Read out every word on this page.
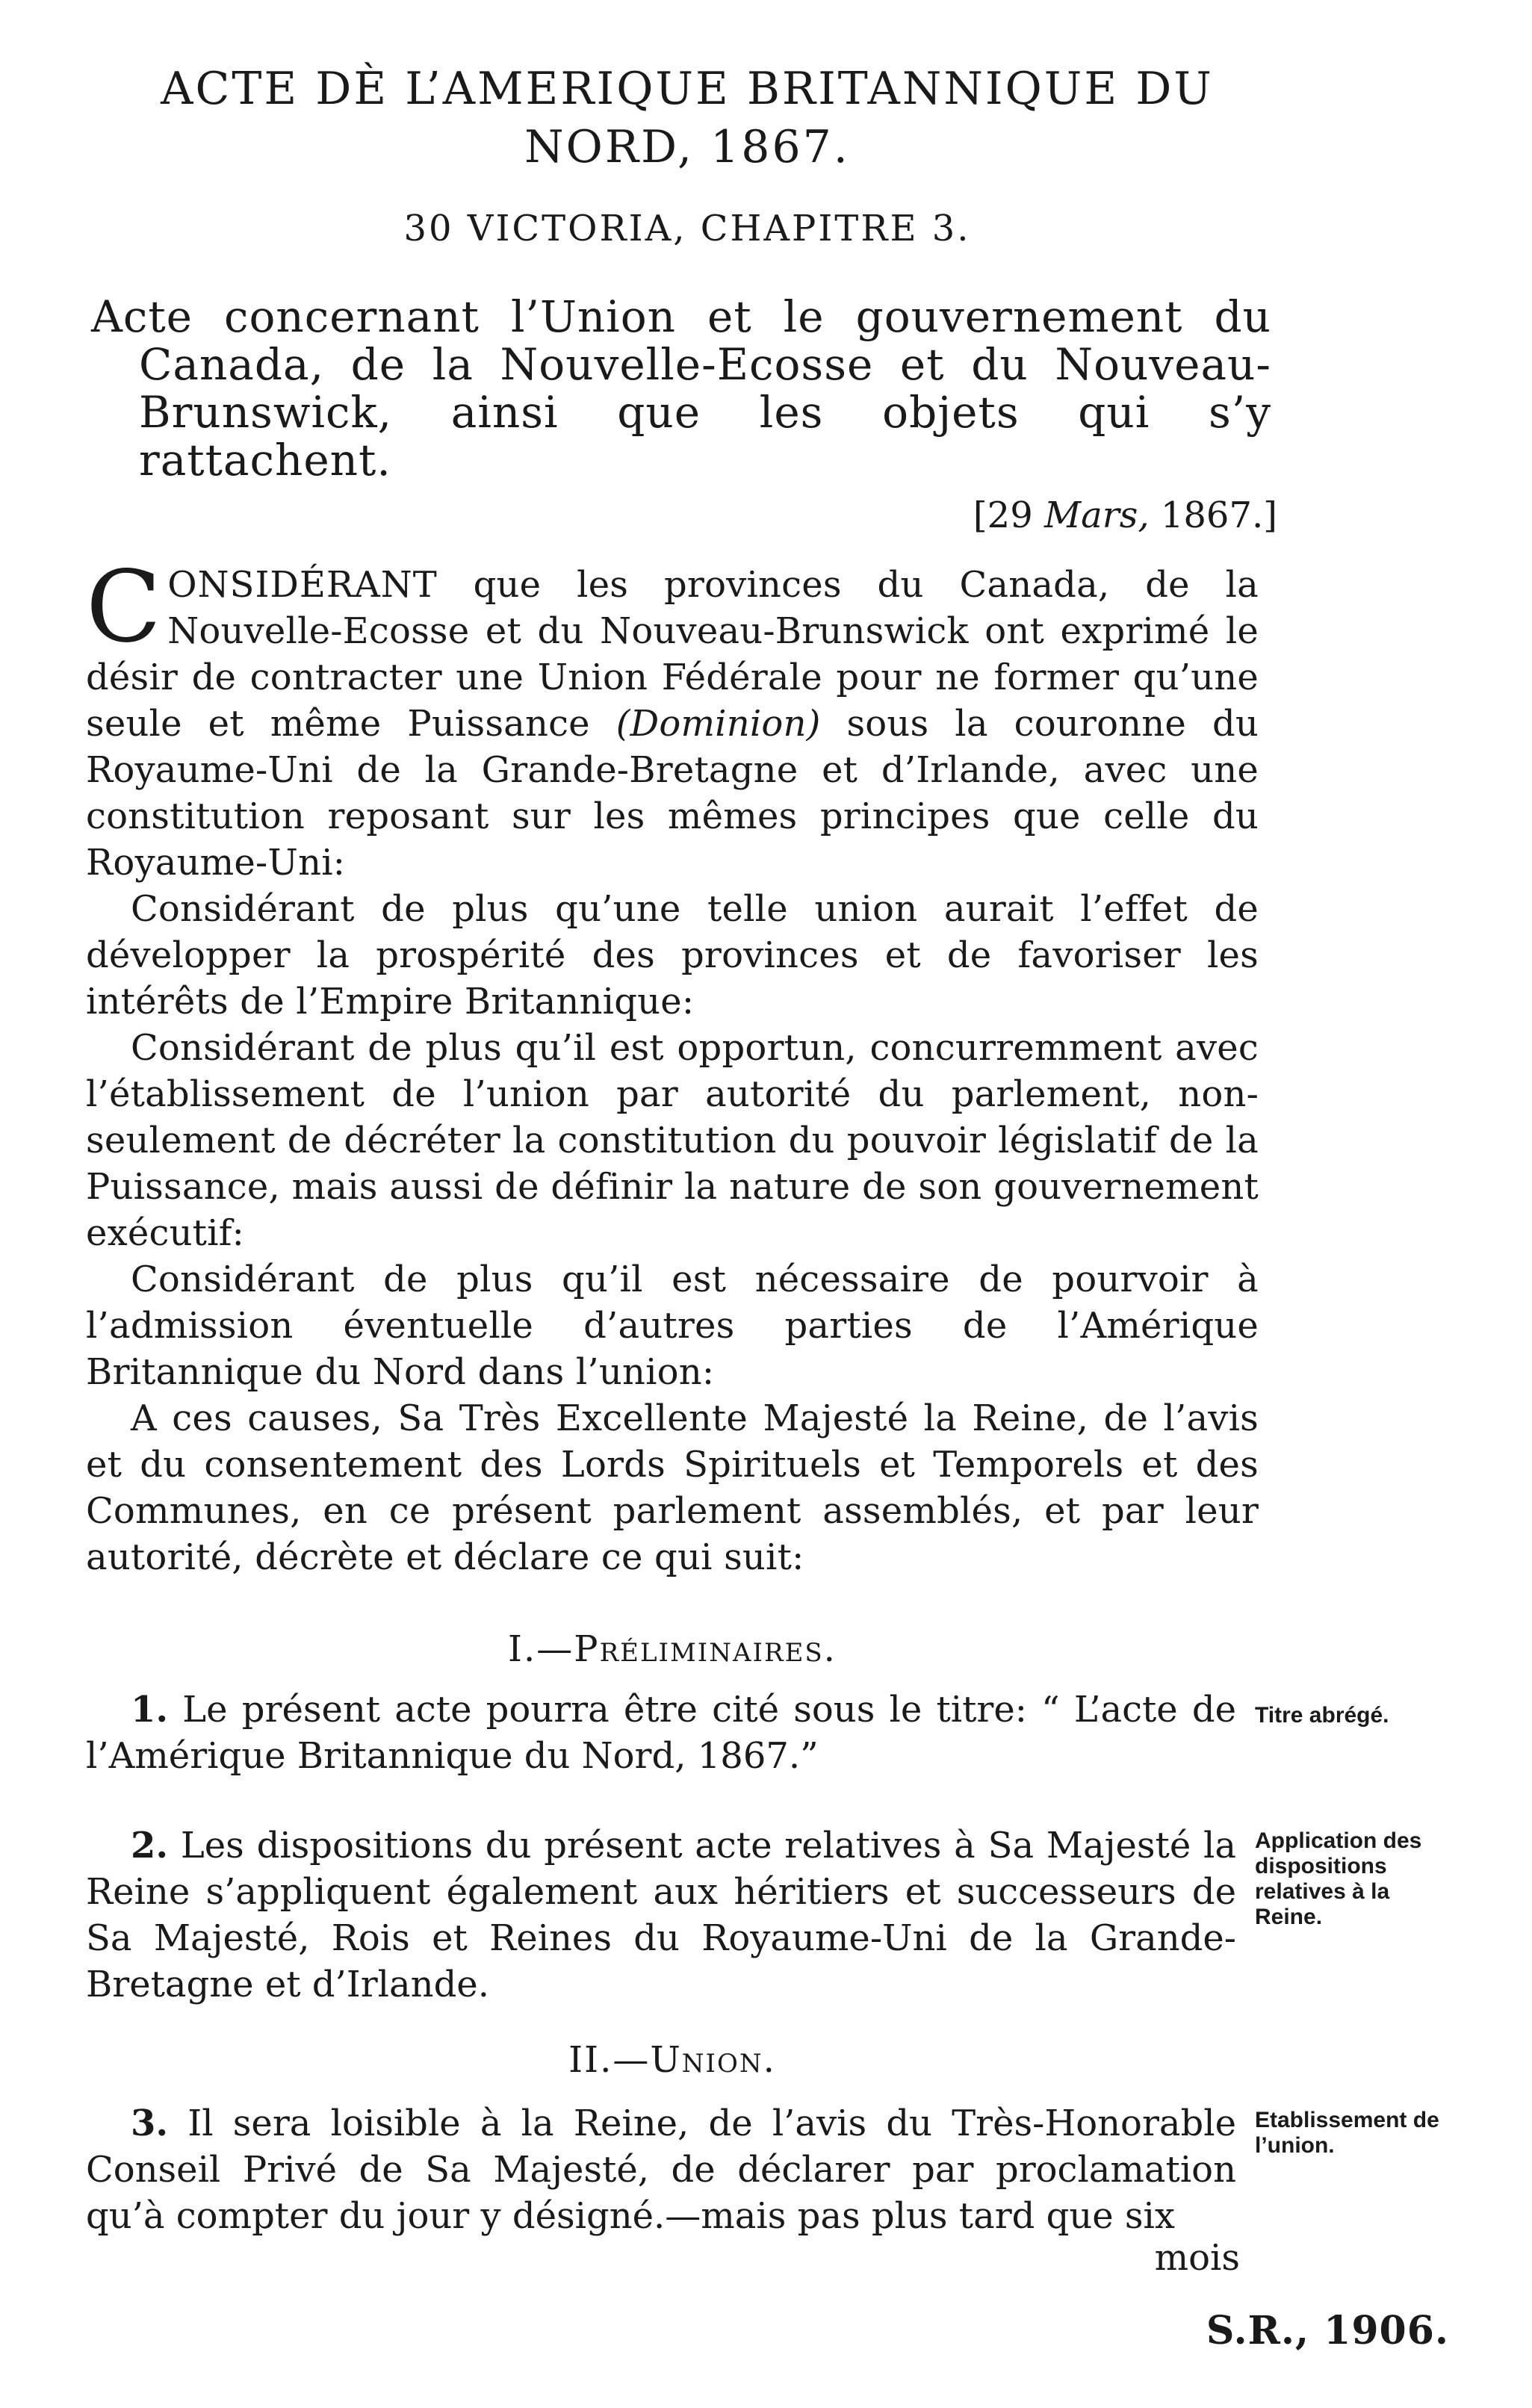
ACTE DÈ L’AMERIQUE BRITANNIQUE DU
NORD, 1867.
30 VICTORIA, CHAPITRE 3.
Acte concernant l’Union et le gouvernement du Canada, de la Nouvelle-Ecosse et du Nouveau-Brunswick, ainsi que les objets qui s’y rattachent.
[29 Mars, 1867.]

CONSIDÉRANT que les provinces du Canada, de la Nouvelle-Ecosse et du Nouveau-Brunswick ont exprimé le désir de contracter une Union Fédérale pour ne former qu’une seule et même Puissance (Dominion) sous la couronne du Royaume-Uni de la Grande-Bretagne et d’Irlande, avec une constitution reposant sur les mêmes principes que celle du Royaume-Uni:

Considérant de plus qu’une telle union aurait l’effet de développer la prospérité des provinces et de favoriser les intérêts de l’Empire Britannique:

Considérant de plus qu’il est opportun, concurremment avec l’établissement de l’union par autorité du parlement, non-seulement de décréter la constitution du pouvoir législatif de la Puissance, mais aussi de définir la nature de son gouvernement exécutif:

Considérant de plus qu’il est nécessaire de pourvoir à l’admission éventuelle d’autres parties de l’Amérique Britannique du Nord dans l’union:

A ces causes, Sa Très Excellente Majesté la Reine, de l’avis et du consentement des Lords Spirituels et Temporels et des Communes, en ce présent parlement assemblés, et par leur autorité, décrète et déclare ce qui suit:

I.—Préliminaires.

1. Le présent acte pourra être cité sous le titre: “ L’acte de l’Amérique Britannique du Nord, 1867.”

Titre abrégé.

2. Les dispositions du présent acte relatives à Sa Majesté la Reine s’appliquent également aux héritiers et successeurs de Sa Majesté, Rois et Reines du Royaume-Uni de la Grande-Bretagne et d’Irlande.

Application des dispositions relatives à la Reine.
II.—Union.

3. Il sera loisible à la Reine, de l’avis du Très-Honorable Conseil Privé de Sa Majesté, de déclarer par proclamation qu’à compter du jour y désigné.—mais pas plus tard que six

Etablissement de l’union.
mois
S.R., 1906.
